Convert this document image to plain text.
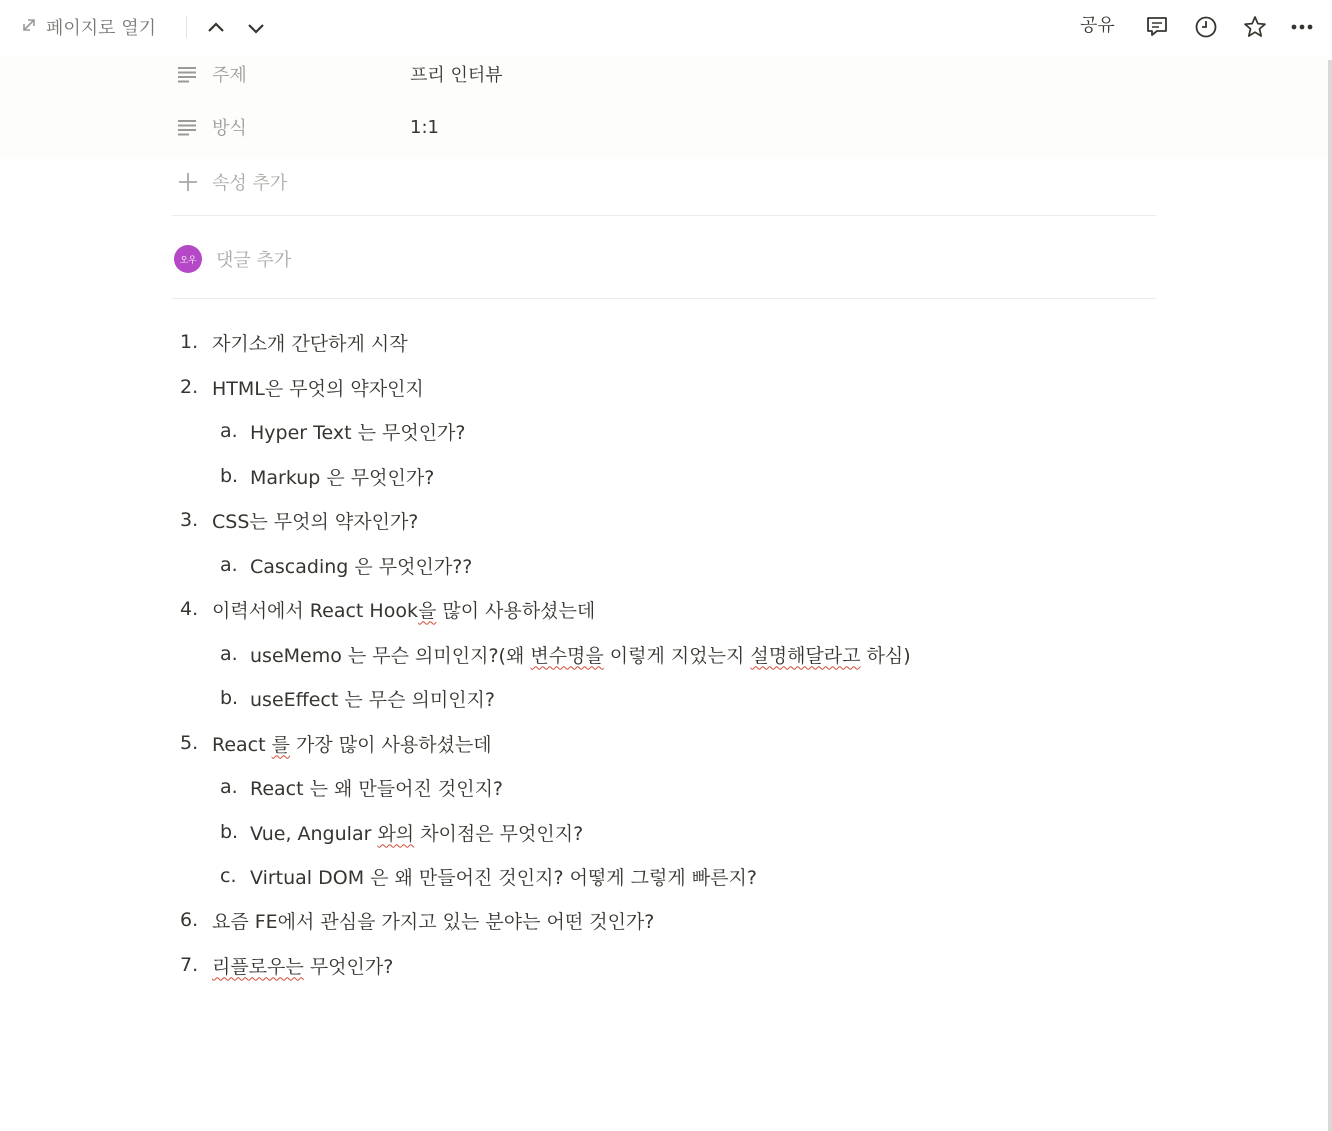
페이지로 열기	공유
주제	프리 인터뷰
방식	1:1
속성 추가
오우	댓글 추가
1. 자기소개 간단하게 시작
2. HTML은 무엇의 약자인지
a. Hyper Text 는 무엇인가?
b. Markup 은 무엇인가?
3. CSS는 무엇의 약자인가?
a. Cascading 은 무엇인가??
4. 이력서에서 React Hook을 많이 사용하셨는데
a. useMemo 는 무슨 의미인지?(왜 변수명을 이렇게 지었는지 설명해달라고 하심)
b. useEffect 는 무슨 의미인지?
5. React 를 가장 많이 사용하셨는데
a. React 는 왜 만들어진 것인지?
b. Vue, Angular 와의 차이점은 무엇인지?
c. Virtual DOM 은 왜 만들어진 것인지? 어떻게 그렇게 빠른지?
6. 요즘 FE에서 관심을 가지고 있는 분야는 어떤 것인가?
7. 리플로우는 무엇인가?
